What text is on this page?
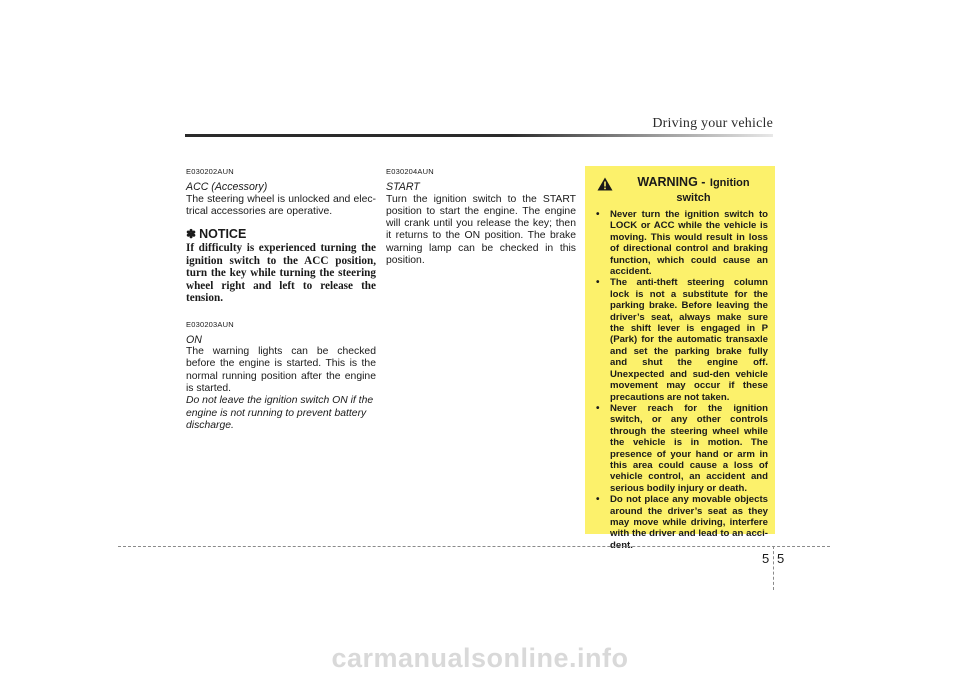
Driving your vehicle

E030202AUN

ACC (Accessory)

The steering wheel is unlocked and elec-trical accessories are operative.

✽ NOTICE

If difficulty is experienced turning the ignition switch to the ACC position, turn the key while turning the steering wheel right and left to release the tension.

E030203AUN

ON

The warning lights can be checked before the engine is started. This is the normal running position after the engine is started.

Do not leave the ignition switch ON if the engine is not running to prevent battery discharge.

E030204AUN

START

Turn the ignition switch to the START position to start the engine. The engine will crank until you release the key; then it returns to the ON position. The brake warning lamp can be checked in this position.

WARNING - Ignition switch
• Never turn the ignition switch to LOCK or ACC while the vehicle is moving. This would result in loss of directional control and braking function, which could cause an accident.
• The anti-theft steering column lock is not a substitute for the parking brake. Before leaving the driver’s seat, always make sure the shift lever is engaged in P (Park) for the automatic transaxle and set the parking brake fully and shut the engine off. Unexpected and sud-den vehicle movement may occur if these precautions are not taken.
• Never reach for the ignition switch, or any other controls through the steering wheel while the vehicle is in motion. The presence of your hand or arm in this area could cause a loss of vehicle control, an accident and serious bodily injury or death.
• Do not place any movable objects around the driver’s seat as they may move while driving, interfere with the driver and lead to an acci-dent.
5 5
carmanualsonline.info
